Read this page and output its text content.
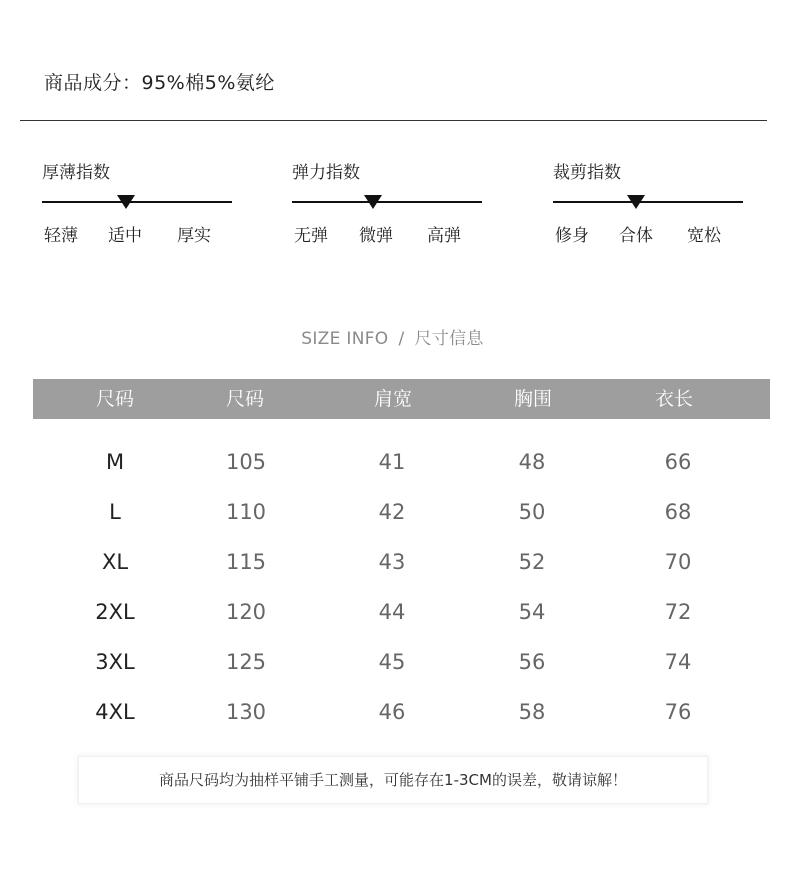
商品成分：95%棉5%氨纶
厚薄指数
轻薄 适中 厚实
弹力指数
无弹 微弹 高弹
裁剪指数
修身 合体 宽松
SIZE INFO / 尺寸信息
尺码	尺码	肩宽	胸围	衣长
M	105	41	48	66
L	110	42	50	68
XL	115	43	52	70
2XL	120	44	54	72
3XL	125	45	56	74
4XL	130	46	58	76
商品尺码均为抽样平铺手工测量，可能存在1-3CM的误差，敬请谅解！
